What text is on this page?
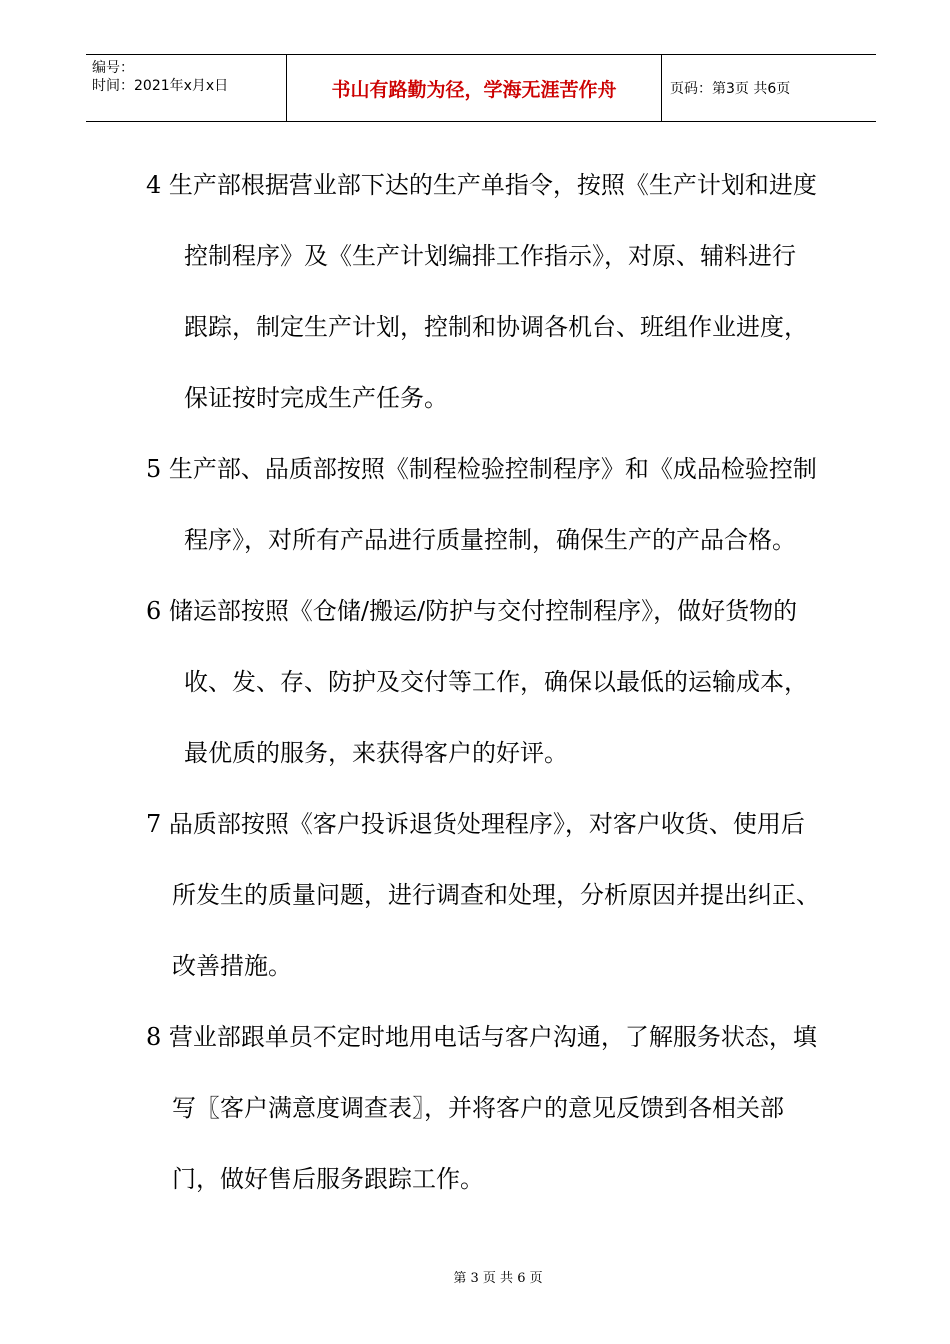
编号：
时间：2021年x月x日	书山有路勤为径，学海无涯苦作舟	页码：第3页 共6页
4 生产部根据营业部下达的生产单指令，按照《生产计划和进度
控制程序》及《生产计划编排工作指示》，对原、辅料进行
跟踪，制定生产计划，控制和协调各机台、班组作业进度，
保证按时完成生产任务。
5 生产部、品质部按照《制程检验控制程序》和《成品检验控制
程序》，对所有产品进行质量控制，确保生产的产品合格。
6 储运部按照《仓储/搬运/防护与交付控制程序》，做好货物的
收、发、存、防护及交付等工作，确保以最低的运输成本，
最优质的服务，来获得客户的好评。
7 品质部按照《客户投诉退货处理程序》，对客户收货、使用后
所发生的质量问题，进行调查和处理，分析原因并提出纠正、
改善措施。
8 营业部跟单员不定时地用电话与客户沟通，了解服务状态，填
写〖客户满意度调查表〗，并将客户的意见反馈到各相关部
门，做好售后服务跟踪工作。
第 3 页 共 6 页
